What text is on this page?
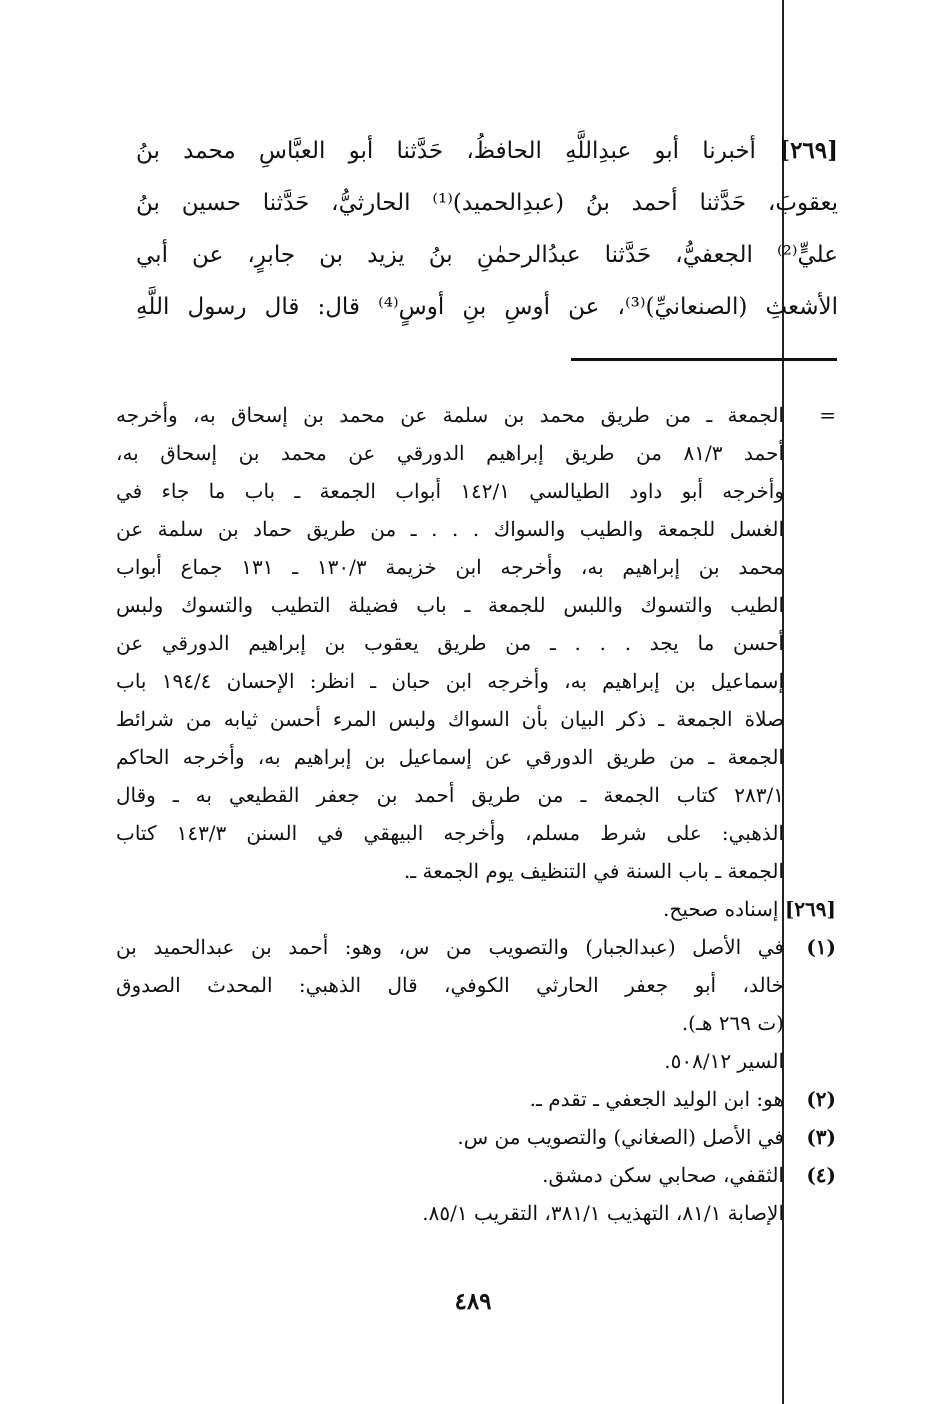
[٢٦٩] أخبرنا أبو عبدِاللَّهِ الحافظُ، حَدَّثنا أبو العبَّاسِ محمد بنُ
يعقوبَ، حَدَّثنا أحمد بنُ (عبدِالحميد)⁽¹⁾ الحارثيُّ، حَدَّثنا حسين بنُ
عليٍّ⁽²⁾ الجعفيُّ، حَدَّثنا عبدُالرحمٰنِ بنُ يزيد بن جابرٍ، عن أبي
الأشعثِ (الصنعانيِّ)⁽³⁾، عن أوسِ بنِ أوسٍ⁽⁴⁾ قال: قال رسول اللَّهِ
=
الجمعة ـ من طريق محمد بن سلمة عن محمد بن إسحاق به، وأخرجه
أحمد ٨١/٣ من طريق إبراهيم الدورقي عن محمد بن إسحاق به،
وأخرجه أبو داود الطيالسي ١٤٢/١ أبواب الجمعة ـ باب ما جاء في
الغسل للجمعة والطيب والسواك . . . ـ من طريق حماد بن سلمة عن
محمد بن إبراهيم به، وأخرجه ابن خزيمة ١٣٠/٣ ـ ١٣١ جماع أبواب
الطيب والتسوك واللبس للجمعة ـ باب فضيلة التطيب والتسوك ولبس
أحسن ما يجد . . . ـ من طريق يعقوب بن إبراهيم الدورقي عن
إسماعيل بن إبراهيم به، وأخرجه ابن حبان ـ انظر: الإحسان ١٩٤/٤ باب
صلاة الجمعة ـ ذكر البيان بأن السواك ولبس المرء أحسن ثيابه من شرائط
الجمعة ـ من طريق الدورقي عن إسماعيل بن إبراهيم به، وأخرجه الحاكم
٢٨٣/١ كتاب الجمعة ـ من طريق أحمد بن جعفر القطيعي به ـ وقال
الذهبي: على شرط مسلم، وأخرجه البيهقي في السنن ١٤٣/٣ كتاب
الجمعة ـ باب السنة في التنظيف يوم الجمعة ـ.
[٢٦٩] إسناده صحيح.
(١)
في الأصل (عبدالجبار) والتصويب من س، وهو: أحمد بن عبدالحميد بن
خالد، أبو جعفر الحارثي الكوفي، قال الذهبي: المحدث الصدوق
(ت ٢٦٩ هـ).
السير ٥٠٨/١٢.
(٢)
هو: ابن الوليد الجعفي ـ تقدم ـ.
(٣)
في الأصل (الصغاني) والتصويب من س.
(٤)
الثقفي، صحابي سكن دمشق.
الإصابة ٨١/١، التهذيب ٣٨١/١، التقريب ٨٥/١.
٤٨٩
